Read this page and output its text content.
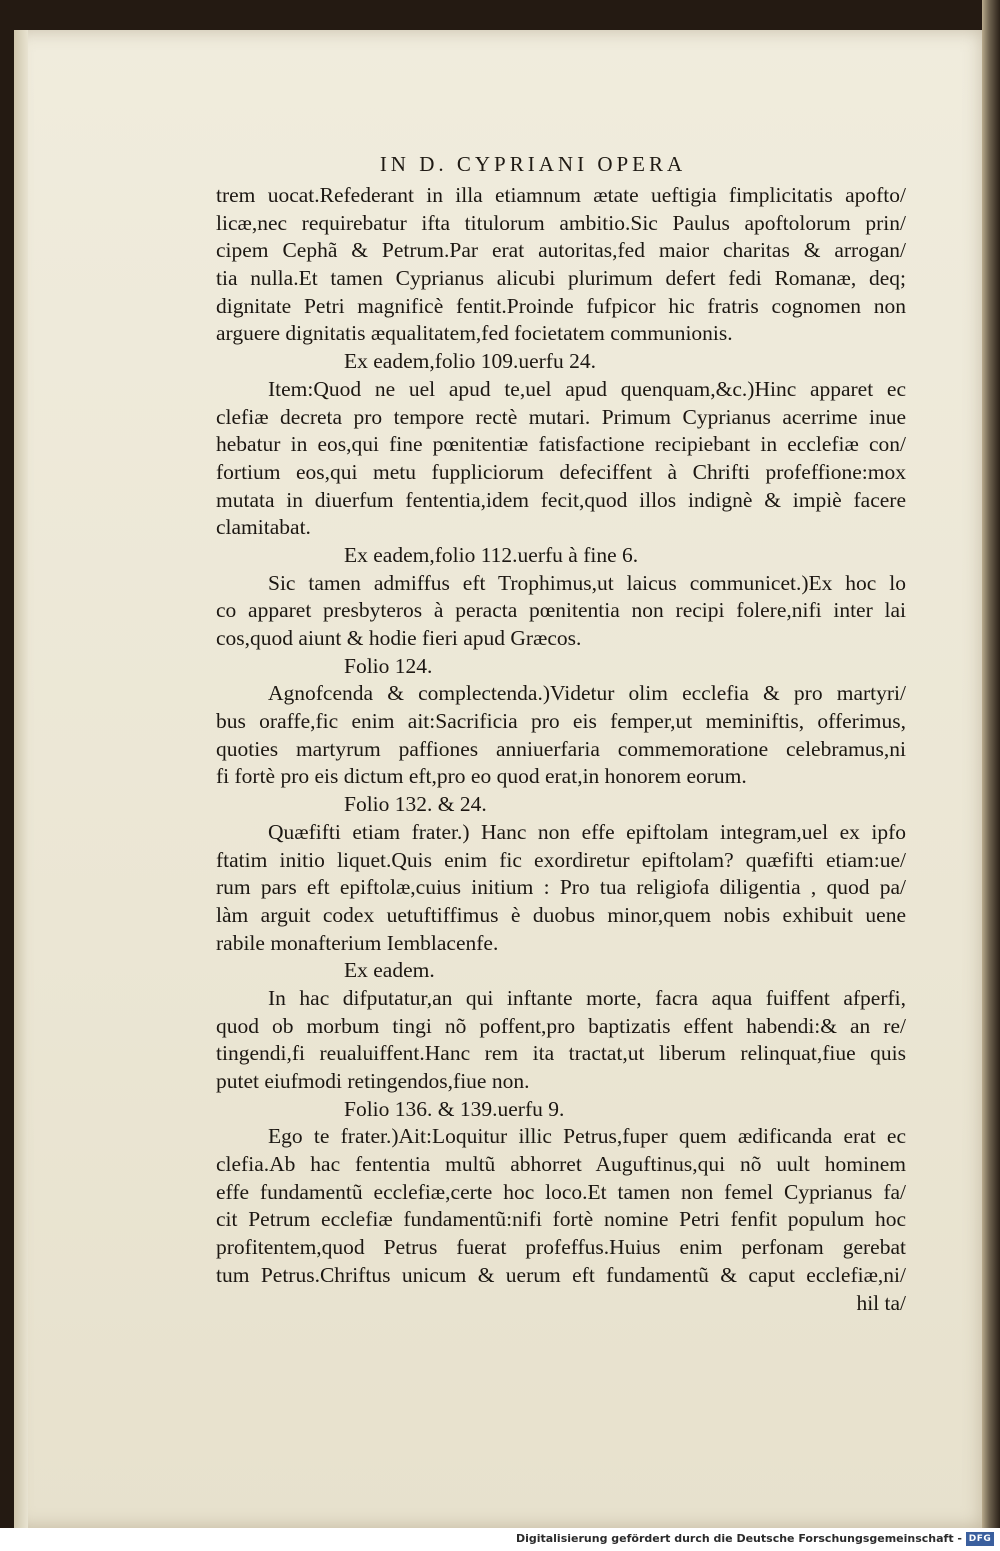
IN D. CYPRIANI OPERA
trem uocat.Refederant in illa etiamnum ætate ueftigia fimplicitatis apofto/
licæ,nec requirebatur ifta titulorum ambitio.Sic Paulus apoftolorum prin/
cipem Cephã & Petrum.Par erat autoritas,fed maior charitas & arrogan/
tia nulla.Et tamen Cyprianus alicubi plurimum defert fedi Romanæ, deq;
dignitate Petri magnificè fentit.Proinde fufpicor hic fratris cognomen non
arguere dignitatis æqualitatem,fed focietatem communionis.
Ex eadem,folio 109.uerfu 24.
Item:Quod ne uel apud te,uel apud quenquam,&c.)Hinc apparet ec
clefiæ decreta pro tempore rectè mutari. Primum Cyprianus acerrime inue
hebatur in eos,qui fine pœnitentiæ fatisfactione recipiebant in ecclefiæ con/
fortium eos,qui metu fuppliciorum defeciffent à Chrifti profeffione:mox
mutata in diuerfum fententia,idem fecit,quod illos indignè & impiè facere
clamitabat.
Ex eadem,folio 112.uerfu à fine 6.
Sic tamen admiffus eft Trophimus,ut laicus communicet.)Ex hoc lo
co apparet presbyteros à peracta pœnitentia non recipi folere,nifi inter lai
cos,quod aiunt & hodie fieri apud Græcos.
Folio 124.
Agnofcenda & complectenda.)Videtur olim ecclefia & pro martyri/
bus oraffe,fic enim ait:Sacrificia pro eis femper,ut meminiftis, offerimus,
quoties martyrum paffiones anniuerfaria commemoratione celebramus,ni
fi fortè pro eis dictum eft,pro eo quod erat,in honorem eorum.
Folio 132. & 24.
Quæfifti etiam frater.) Hanc non effe epiftolam integram,uel ex ipfo
ftatim initio liquet.Quis enim fic exordiretur epiftolam? quæfifti etiam:ue/
rum pars eft epiftolæ,cuius initium : Pro tua religiofa diligentia , quod pa/
làm arguit codex uetuftiffimus è duobus minor,quem nobis exhibuit uene
rabile monafterium Iemblacenfe.
Ex eadem.
In hac difputatur,an qui inftante morte, facra aqua fuiffent afperfi,
quod ob morbum tingi nõ poffent,pro baptizatis effent habendi:& an re/
tingendi,fi reualuiffent.Hanc rem ita tractat,ut liberum relinquat,fiue quis
putet eiufmodi retingendos,fiue non.
Folio 136. & 139.uerfu 9.
Ego te frater.)Ait:Loquitur illic Petrus,fuper quem ædificanda erat ec
clefia.Ab hac fententia multũ abhorret Auguftinus,qui nõ uult hominem
effe fundamentũ ecclefiæ,certe hoc loco.Et tamen non femel Cyprianus fa/
cit Petrum ecclefiæ fundamentũ:nifi fortè nomine Petri fenfit populum hoc
profitentem,quod Petrus fuerat profeffus.Huius enim perfonam gerebat
tum Petrus.Chriftus unicum & uerum eft fundamentũ & caput ecclefiæ,ni/
hil ta/
Digitalisierung gefördert durch die Deutsche Forschungsgemeinschaft - DFG
